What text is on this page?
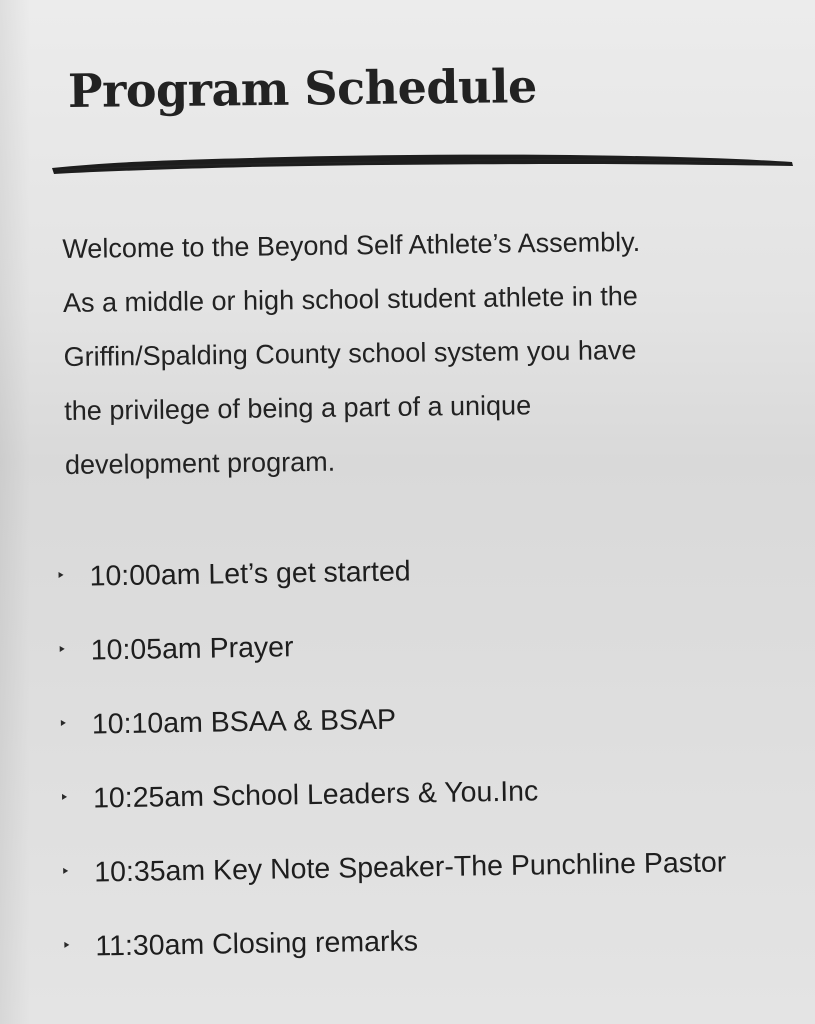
Program Schedule

Welcome to the Beyond Self Athlete’s Assembly.
As a middle or high school student athlete in the
Griffin/Spalding County school system you have
the privilege of being a part of a unique
development program.

10:00am Let’s get started
10:05am Prayer
10:10am BSAA & BSAP
10:25am School Leaders & You.Inc
10:35am Key Note Speaker-The Punchline Pastor
11:30am Closing remarks
